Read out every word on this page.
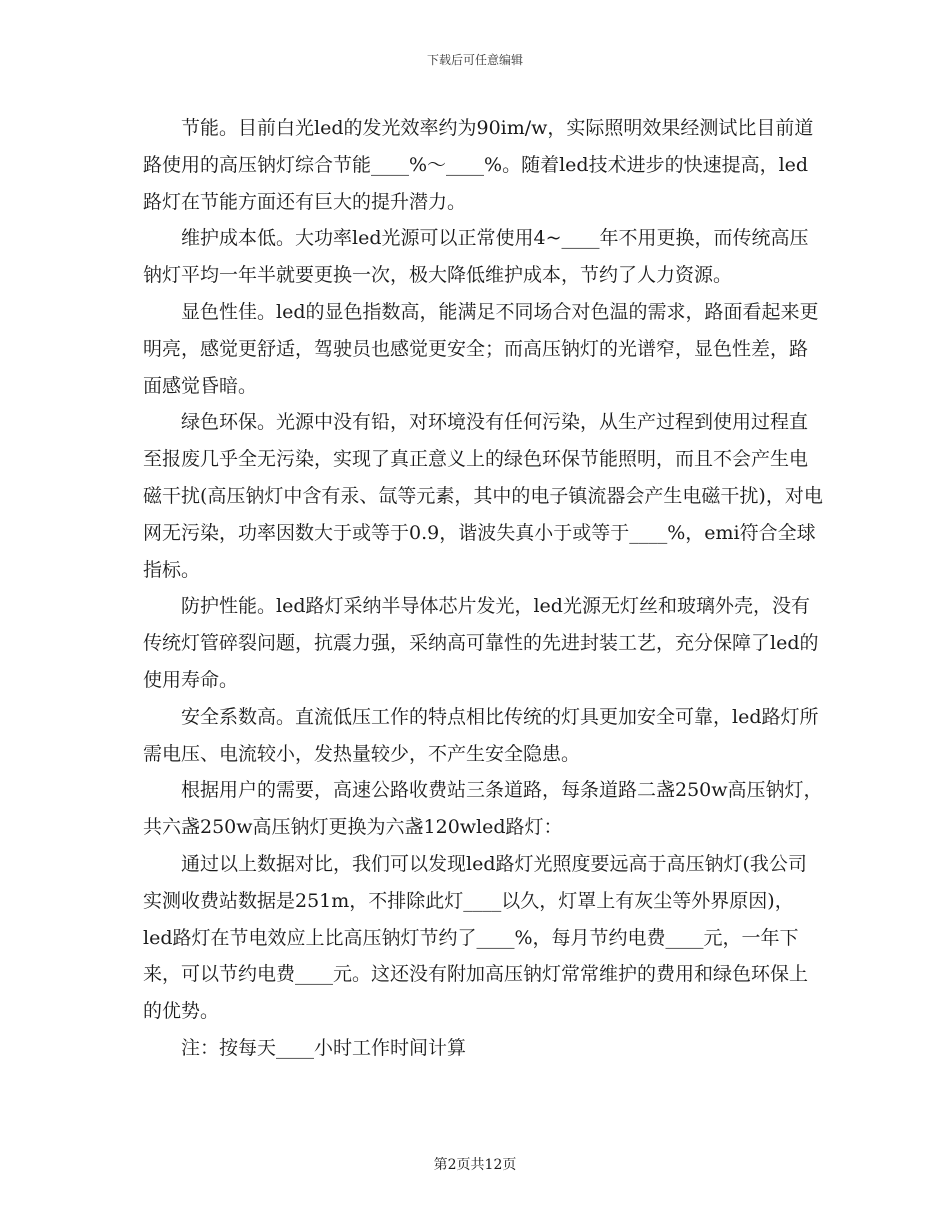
下载后可任意编辑

节能。目前白光led的发光效率约为90im/w，实际照明效果经测试比目前道路使用的高压钠灯综合节能____%～____%。随着led技术进步的快速提高，led路灯在节能方面还有巨大的提升潜力。

维护成本低。大功率led光源可以正常使用4~____年不用更换，而传统高压钠灯平均一年半就要更换一次，极大降低维护成本，节约了人力资源。

显色性佳。led的显色指数高，能满足不同场合对色温的需求，路面看起来更明亮，感觉更舒适，驾驶员也感觉更安全；而高压钠灯的光谱窄，显色性差，路面感觉昏暗。

绿色环保。光源中没有铅，对环境没有任何污染，从生产过程到使用过程直至报废几乎全无污染，实现了真正意义上的绿色环保节能照明，而且不会产生电磁干扰(高压钠灯中含有汞、氙等元素，其中的电子镇流器会产生电磁干扰)，对电网无污染，功率因数大于或等于0.9，谐波失真小于或等于____%，emi符合全球指标。

防护性能。led路灯采纳半导体芯片发光，led光源无灯丝和玻璃外壳，没有传统灯管碎裂问题，抗震力强，采纳高可靠性的先进封装工艺，充分保障了led的使用寿命。

安全系数高。直流低压工作的特点相比传统的灯具更加安全可靠，led路灯所需电压、电流较小，发热量较少，不产生安全隐患。

根据用户的需要，高速公路收费站三条道路，每条道路二盏250w高压钠灯，共六盏250w高压钠灯更换为六盏120wled路灯：

通过以上数据对比，我们可以发现led路灯光照度要远高于高压钠灯(我公司实测收费站数据是251m，不排除此灯____以久，灯罩上有灰尘等外界原因)，led路灯在节电效应上比高压钠灯节约了____%，每月节约电费____元，一年下来，可以节约电费____元。这还没有附加高压钠灯常常维护的费用和绿色环保上的优势。

注：按每天____小时工作时间计算

第2页共12页
